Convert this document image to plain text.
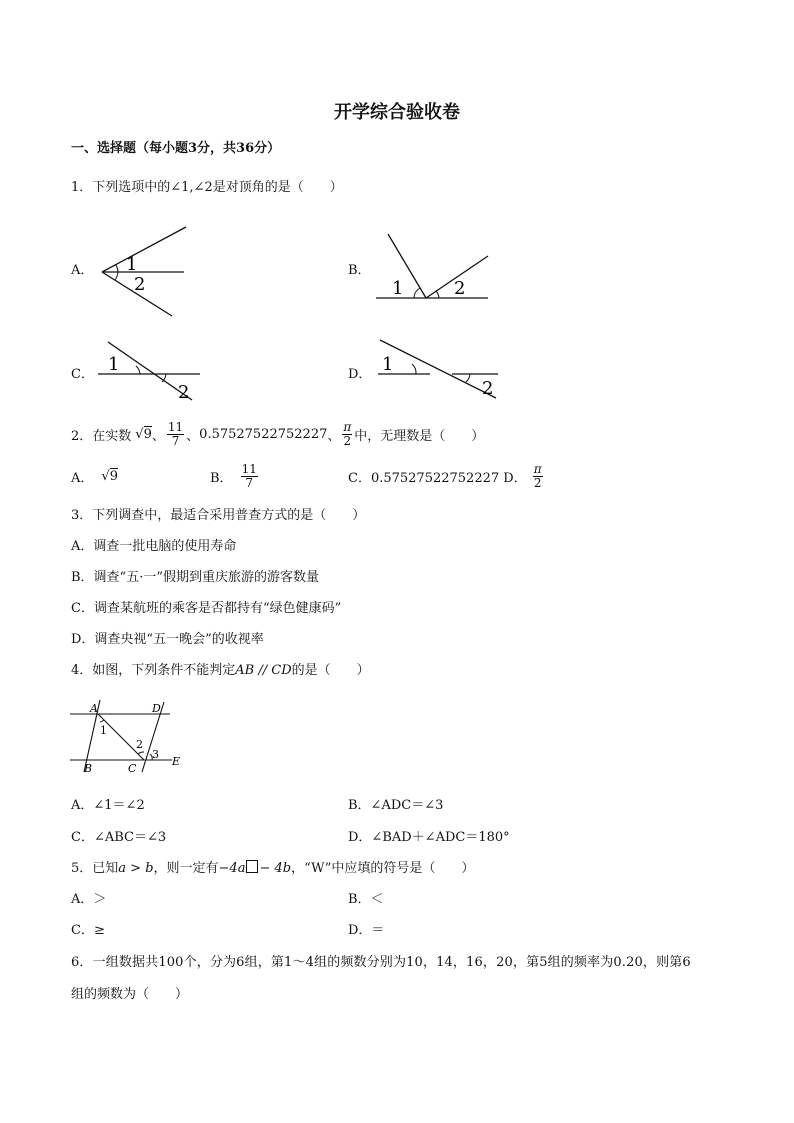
开学综合验收卷
一、选择题（每小题3分，共36分）
1．下列选项中的∠1,∠2是对顶角的是（　　）
A． 1
2
B．
1	2
C． 1
2
D． 1
2
2．在实数 √9 、 $\frac{11}{7}$ 、 0.57527522752227 、 $\frac{\pi}{2}$ 中，无理数是（　　）
A． √9	B． $\frac{11}{7}$	C．0.57527522752227 D． $\frac{\pi}{2}$
3．下列调查中，最适合采用普查方式的是（　　）
A．调查一批电脑的使用寿命
B．调查“五·一”假期到重庆旅游的游客数量
C．调查某航班的乘客是否都持有“绿色健康码”
D．调查央视“五一晚会”的收视率
4．如图，下列条件不能判定AB // CD的是（　　）
A	D
B	C
E
1
2
3
A．∠1＝∠2	B．∠ADC＝∠3
C．∠ABC＝∠3	D．∠BAD＋∠ADC＝180°
5．已知a > b，则一定有−4a − 4b，“W”中应填的符号是（　　）
A．＞	B．＜
C．≥	D．＝
6．一组数据共100个，分为6组，第1～4组的频数分别为10，14，16，20，第5组的频率为0.20，则第6
组的频数为（　　）
